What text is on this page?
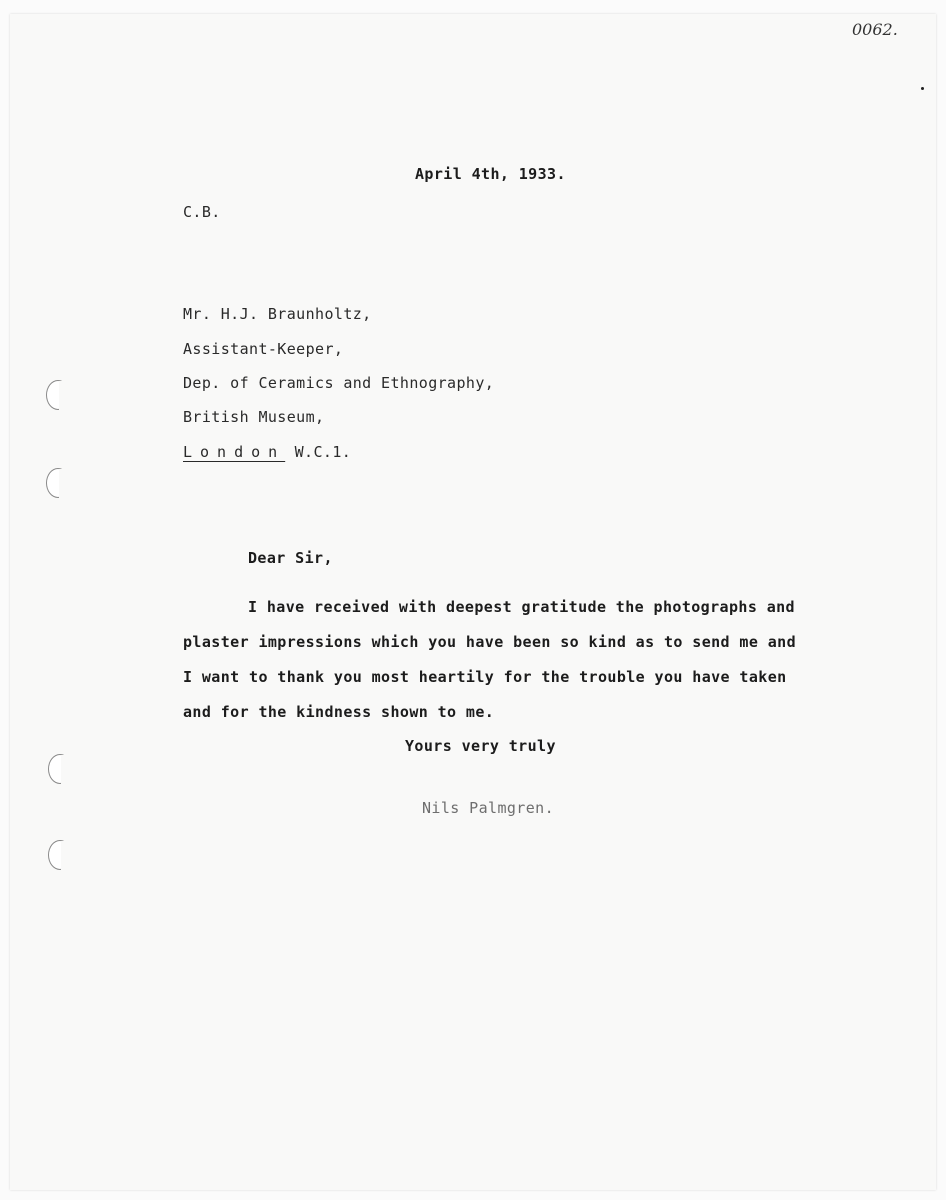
0062.
April 4th, 1933.
C.B.
Mr. H.J. Braunholtz,
Assistant-Keeper,
Dep. of Ceramics and Ethnography,
British Museum,
London W.C.1.
Dear Sir,
I have received with deepest gratitude the photographs and
plaster impressions which you have been so kind as to send me and
I want to thank you most heartily for the trouble you have taken
and for the kindness shown to me.
Yours very truly
Nils Palmgren.
